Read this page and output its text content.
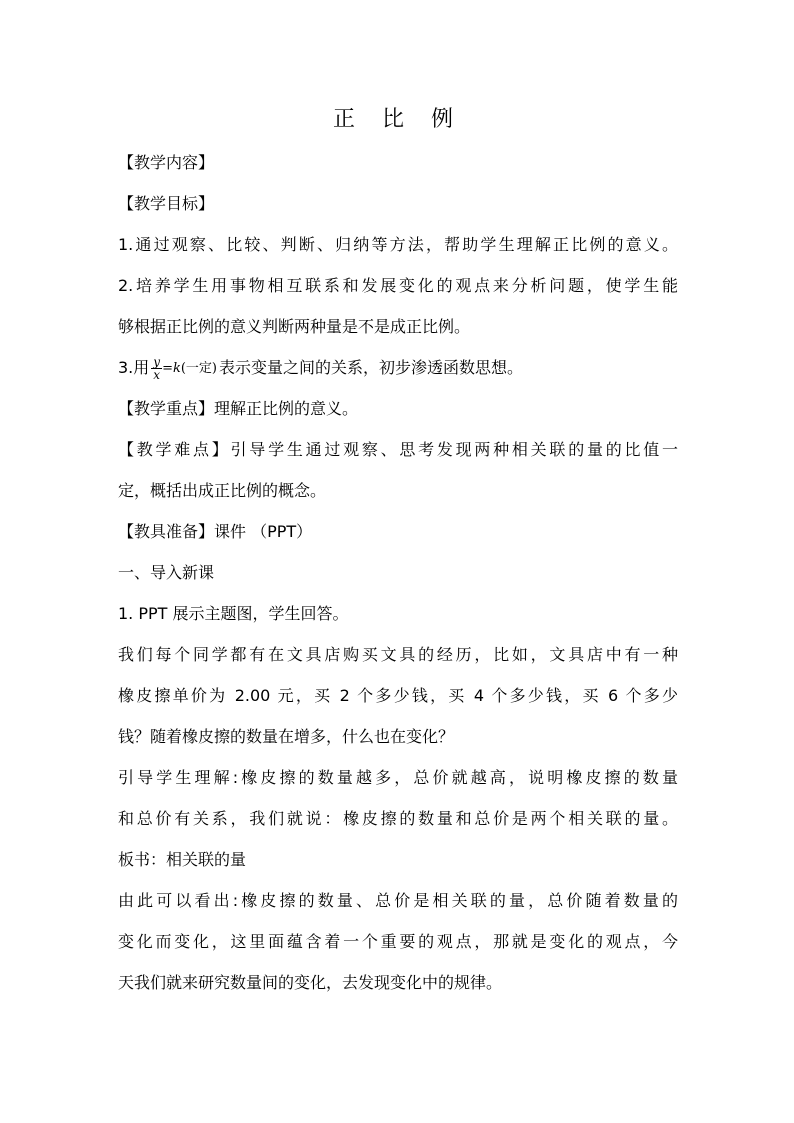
正 比 例
【教学内容】
【教学目标】
1.通过观察、比较、判断、归纳等方法，帮助学生理解正比例的意义。
2.培养学生用事物相互联系和发展变化的观点来分析问题，使学生能
够根据正比例的意义判断两种量是不是成正比例。
3.用 $\frac{y}{x} =k$(一定) 表示变量之间的关系，初步渗透函数思想。
【教学重点】理解正比例的意义。
【教学难点】引导学生通过观察、思考发现两种相关联的量的比值一
定，概括出成正比例的概念。
【教具准备】课件 （PPT）
一、导入新课
1. PPT 展示主题图，学生回答。
我们每个同学都有在文具店购买文具的经历，比如，文具店中有一种
橡皮擦单价为 2.00 元，买 2 个多少钱，买 4 个多少钱，买 6 个多少
钱？随着橡皮擦的数量在增多，什么也在变化？
引导学生理解:橡皮擦的数量越多，总价就越高，说明橡皮擦的数量
和总价有关系，我们就说：橡皮擦的数量和总价是两个相关联的量。
板书：相关联的量
由此可以看出:橡皮擦的数量、总价是相关联的量，总价随着数量的
变化而变化，这里面蕴含着一个重要的观点，那就是变化的观点，今
天我们就来研究数量间的变化，去发现变化中的规律。
